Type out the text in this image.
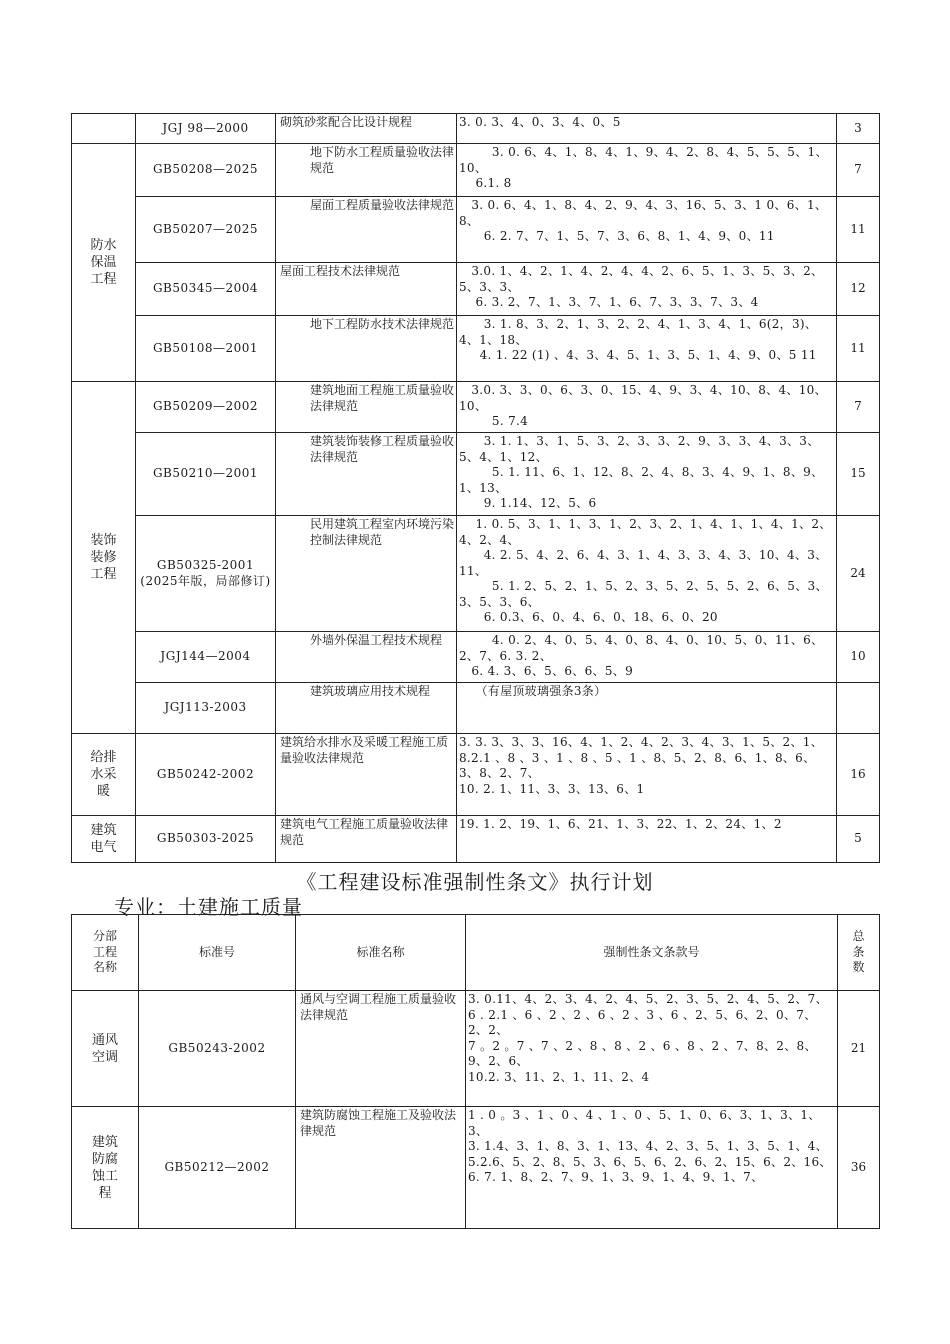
	JGJ 98—2000	砌筑砂浆配合比设计规程	3. 0. 3、4、0、3、4、0、5	3

防水保温工程	GB50208—2025	地下防水工程质量验收法律规范	3. 0. 6、4、1、8、4、1、9、4、2、8、4、5、5、5、1、10、
6.1. 8	7
	GB50207—2025	屋面工程质量验收法律规范	3. 0. 6、4、1、8、4、2、9、4、3、16、5、3、1 0、6、1、8、
6. 2. 7、7、1、5、7、3、6、8、1、4、9、0、11	11
	GB50345—2004	屋面工程技术法律规范	3.0. 1、4、2、1、4、2、4、4、2、6、5、1、3、5、3、2、5、3、3、
6. 3. 2、7、1、3、7、1、6、7、3、3、7、3、4	12
	GB50108—2001	地下工程防水技术法律规范	3. 1. 8、3、2、1、3、2、2、4、1、3、4、1、6(2，3)、4、1、18、
4. 1. 22 (1) 、4、3、4、5、1、3、5、1、4、9、0、5 11	11

装饰装修工程	GB50209—2002	建筑地面工程施工质量验收法律规范	3.0. 3、3、0、6、3、0、15、4、9、3、4、10、8、4、10、10、
5. 7.4	7
	GB50210—2001	建筑装饰装修工程质量验收法律规范	3. 1. 1、3、1、5、3、2、3、3、2、9、3、3、4、3、3、5、4、1、12、
5. 1. 11、6、1、12、8、2、4、8、3、4、9、1、8、9、1、13、
9. 1.14、12、5、6	15
	GB50325-2001
(2025年版，局部修订)	民用建筑工程室内环境污染控制法律规范	1. 0. 5、3、1、1、3、1、2、3、2、1、4、1、1、4、1、2、4、2、4、
4. 2. 5、4、2、6、4、3、1、4、3、3、4、3、10、4、3、11、
5. 1. 2、5、2、1、5、2、3、5、2、5、5、2、6、5、3、3、5、3、6、
6. 0.3、6、0、4、6、0、18、6、0、20	24
	JGJ144—2004	外墙外保温工程技术规程	4. 0. 2、4、0、5、4、0、8、4、0、10、5、0、11、6、2、7、6. 3. 2、
6. 4. 3、6、5、6、6、5、9	10
	JGJ113-2003	建筑玻璃应用技术规程	（有屋顶玻璃强条3条）	

给排水采暖	GB50242-2002	建筑给水排水及采暖工程施工质量验收法律规范	3. 3. 3、3、3、16、4、1、2、4、2、3、4、3、1、5、2、1、
8.2.1 、8 、3 、1 、8 、5 、1 、8、5、2、8、6、1、8、6、3、8、2、7、
10. 2. 1、11、3、3、13、6、1	16

建筑电气	GB50303-2025	建筑电气工程施工质量验收法律规范	19. 1. 2、19、1、6、21、1、3、22、1、2、24、1、2	5
《工程建设标准强制性条文》执行计划
专业：土建施工质量
分部工程名称	标准号	标准名称	强制性条文条款号	总条数

通风空调	GB50243-2002	通风与空调工程施工质量验收法律规范	3. 0.11、4、2、3、4、2、4、5、2、3、5、2、4、5、2、7、
6 . 2.1 、6 、2 、2 、6 、2 、3 、6 、2、5、6、2、0、7、2、2、
7 。2 。7 、7 、2 、8 、8 、2 、6 、8 、2 、7、8、2、8、9、2、6、
10.2. 3、11、2、1、11、2、4	21

建筑防腐蚀工程	GB50212—2002	建筑防腐蚀工程施工及验收法律规范	1 . 0 。3 、1 、0 、4 、1 、0 、5、1、0、6、3、1、3、1、3、
3. 1.4、3、1、8、3、1、13、4、2、3、5、1、3、5、1、4、
5.2.6、5、2、8、5、3、6、5、6、2、6、2、15、6、2、16、
6. 7. 1、8、2、7、9、1、3、9、1、4、9、1、7、	36
